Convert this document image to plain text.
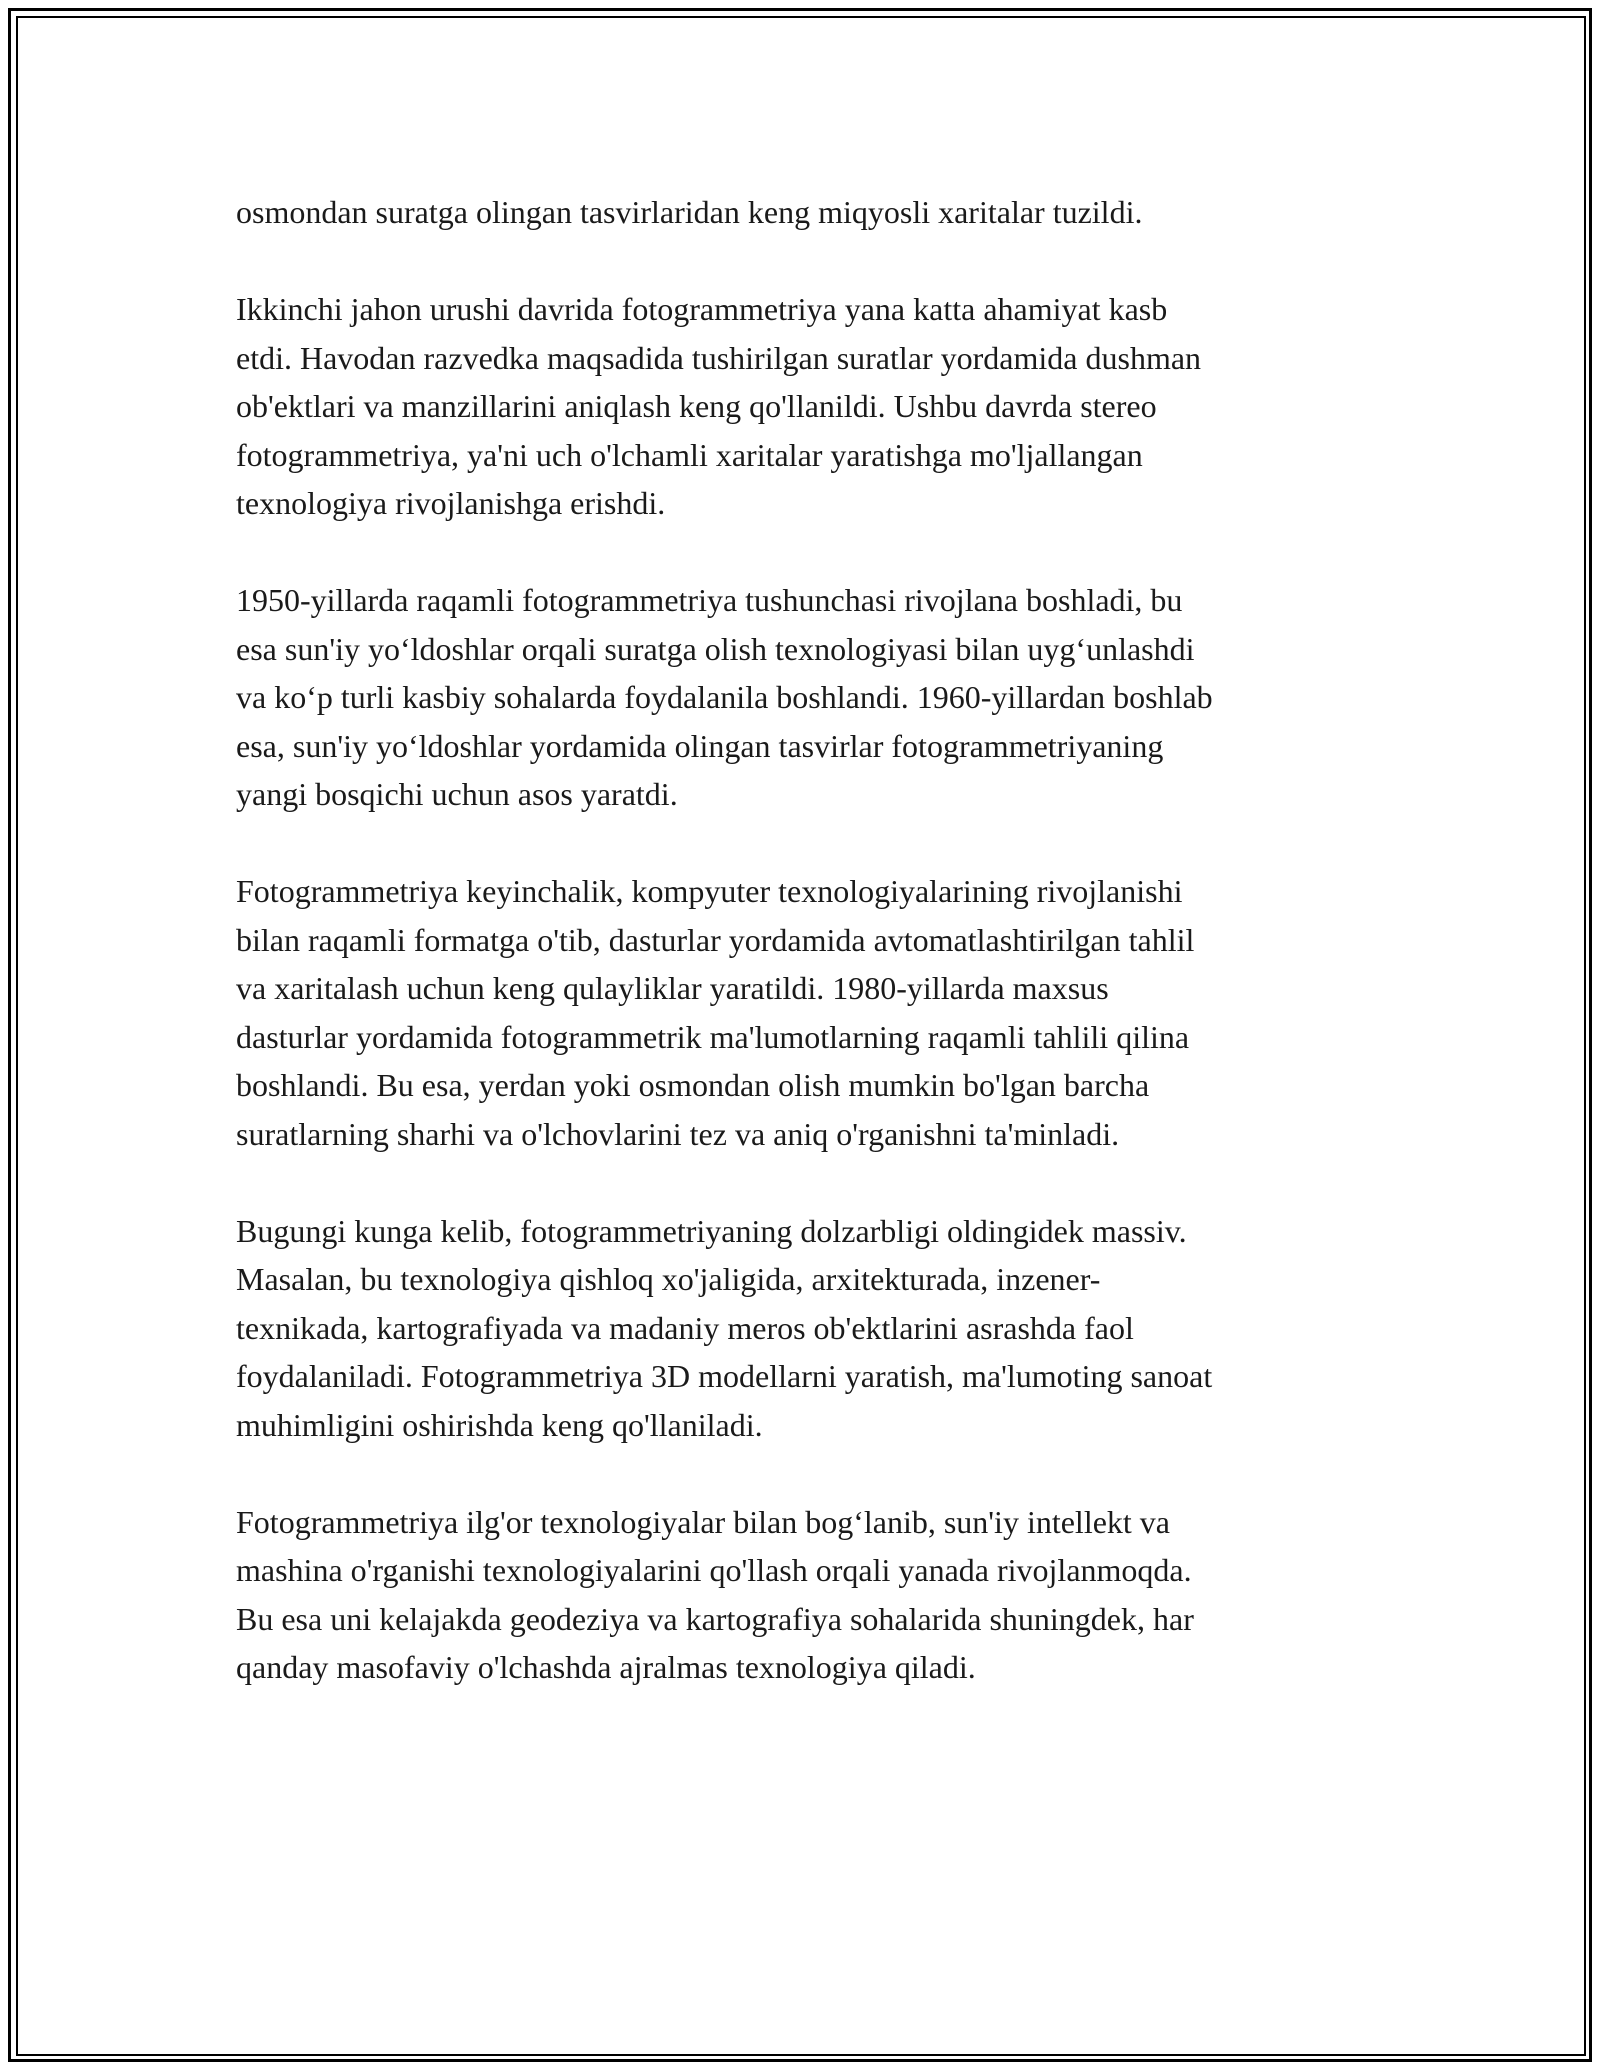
osmondan suratga olingan tasvirlaridan keng miqyosli xaritalar tuzildi.

Ikkinchi jahon urushi davrida fotogrammetriya yana katta ahamiyat kasb
etdi. Havodan razvedka maqsadida tushirilgan suratlar yordamida dushman
ob'ektlari va manzillarini aniqlash keng qo'llanildi. Ushbu davrda stereo
fotogrammetriya, ya'ni uch o'lchamli xaritalar yaratishga mo'ljallangan
texnologiya rivojlanishga erishdi.

1950-yillarda raqamli fotogrammetriya tushunchasi rivojlana boshladi, bu
esa sun'iy yo‘ldoshlar orqali suratga olish texnologiyasi bilan uyg‘unlashdi
va ko‘p turli kasbiy sohalarda foydalanila boshlandi. 1960-yillardan boshlab
esa, sun'iy yo‘ldoshlar yordamida olingan tasvirlar fotogrammetriyaning
yangi bosqichi uchun asos yaratdi.

Fotogrammetriya keyinchalik, kompyuter texnologiyalarining rivojlanishi
bilan raqamli formatga o'tib, dasturlar yordamida avtomatlashtirilgan tahlil
va xaritalash uchun keng qulayliklar yaratildi. 1980-yillarda maxsus
dasturlar yordamida fotogrammetrik ma'lumotlarning raqamli tahlili qilina
boshlandi. Bu esa, yerdan yoki osmondan olish mumkin bo'lgan barcha
suratlarning sharhi va o'lchovlarini tez va aniq o'rganishni ta'minladi.

Bugungi kunga kelib, fotogrammetriyaning dolzarbligi oldingidek massiv.
Masalan, bu texnologiya qishloq xo'jaligida, arxitekturada, inzener-
texnikada, kartografiyada va madaniy meros ob'ektlarini asrashda faol
foydalaniladi. Fotogrammetriya 3D modellarni yaratish, ma'lumoting sanoat
muhimligini oshirishda keng qo'llaniladi.

Fotogrammetriya ilg'or texnologiyalar bilan bog‘lanib, sun'iy intellekt va
mashina o'rganishi texnologiyalarini qo'llash orqali yanada rivojlanmoqda.
Bu esa uni kelajakda geodeziya va kartografiya sohalarida shuningdek, har
qanday masofaviy o'lchashda ajralmas texnologiya qiladi.
